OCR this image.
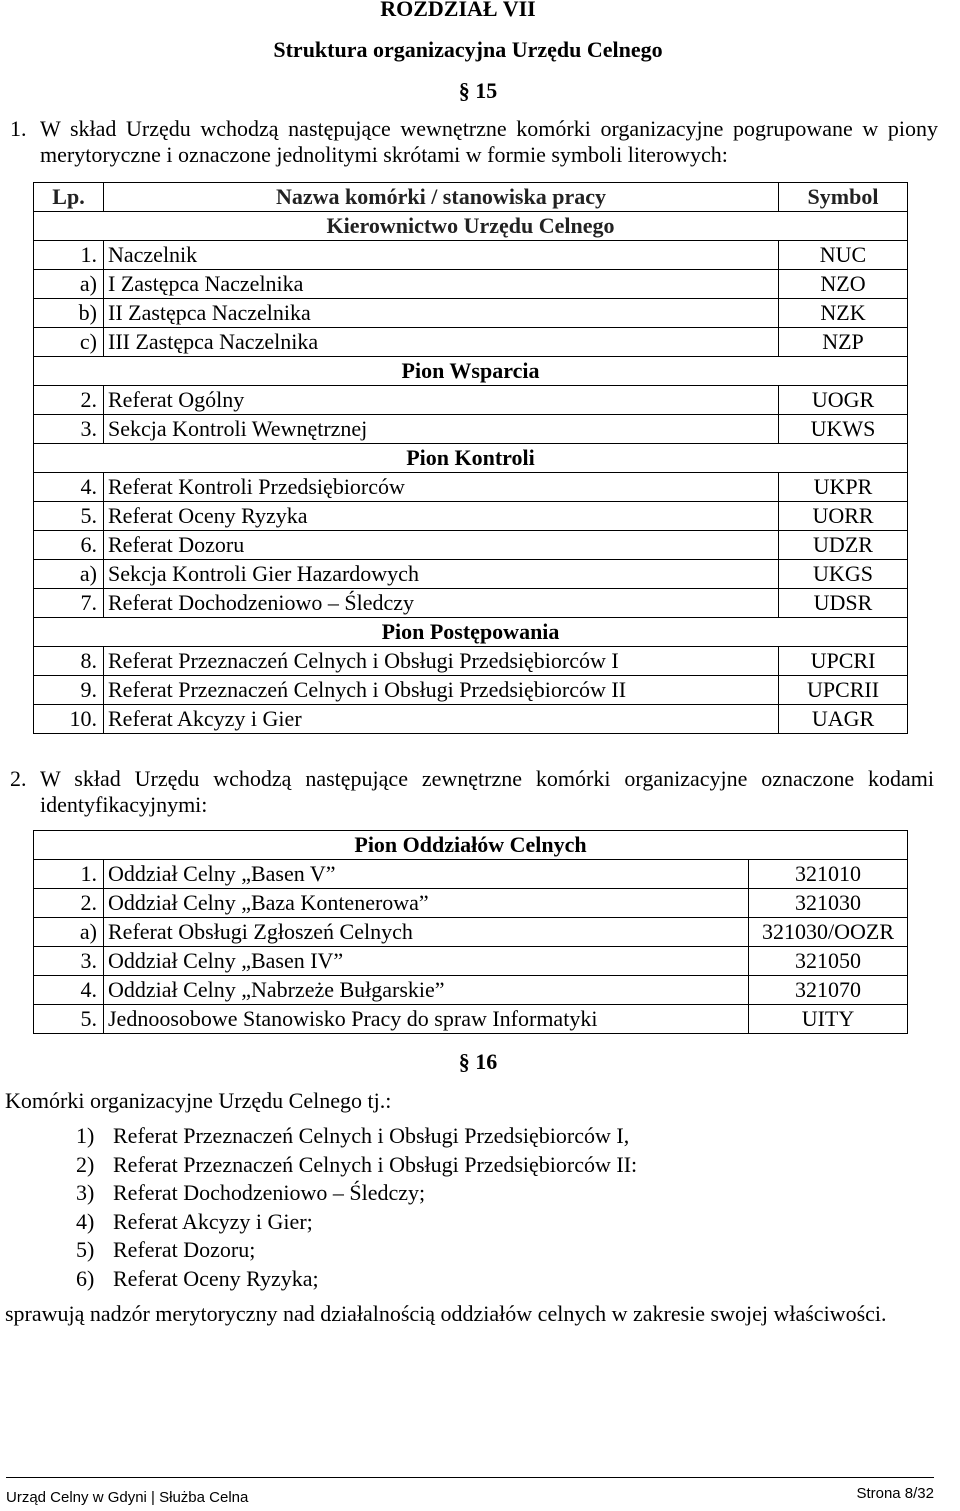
ROZDZIAŁ VII
Struktura organizacyjna Urzędu Celnego
§ 15
1. W skład Urzędu wchodzą następujące wewnętrzne komórki organizacyjne pogrupowane w piony merytoryczne i oznaczone jednolitymi skrótami w formie symboli literowych:
Lp.	Nazwa komórki / stanowiska pracy	Symbol
Kierownictwo Urzędu Celnego		
1.	Naczelnik	NUC
a)	I Zastępca Naczelnika	NZO
b)	II Zastępca Naczelnika	NZK
c)	III Zastępca Naczelnika	NZP
Pion Wsparcia		
2.	Referat Ogólny	UOGR
3.	Sekcja Kontroli Wewnętrznej	UKWS
Pion Kontroli		
4.	Referat Kontroli Przedsiębiorców	UKPR
5.	Referat Oceny Ryzyka	UORR
6.	Referat Dozoru	UDZR
a)	Sekcja Kontroli Gier Hazardowych	UKGS
7.	Referat Dochodzeniowo – Śledczy	UDSR
Pion Postępowania		
8.	Referat Przeznaczeń Celnych i Obsługi Przedsiębiorców I	UPCRI
9.	Referat Przeznaczeń Celnych i Obsługi Przedsiębiorców II	UPCRII
10.	Referat Akcyzy i Gier	UAGR
2. W skład Urzędu wchodzą następujące zewnętrzne komórki organizacyjne oznaczone kodami identyfikacyjnymi:
Pion Oddziałów Celnych		
1.	Oddział Celny „Basen V”	321010
2.	Oddział Celny „Baza Kontenerowa”	321030
a)	Referat Obsługi Zgłoszeń Celnych	321030/OOZR
3.	Oddział Celny „Basen IV”	321050
4.	Oddział Celny „Nabrzeże Bułgarskie”	321070
5.	Jednoosobowe Stanowisko Pracy do spraw Informatyki	UITY
§ 16
Komórki organizacyjne Urzędu Celnego tj.:
1) Referat Przeznaczeń Celnych i Obsługi Przedsiębiorców I,
2) Referat Przeznaczeń Celnych i Obsługi Przedsiębiorców II:
3) Referat Dochodzeniowo – Śledczy;
4) Referat Akcyzy i Gier;
5) Referat Dozoru;
6) Referat Oceny Ryzyka;
sprawują nadzór merytoryczny nad działalnością oddziałów celnych w zakresie swojej właściwości.
Urząd Celny w Gdyni | Służba Celna	Strona 8/32
